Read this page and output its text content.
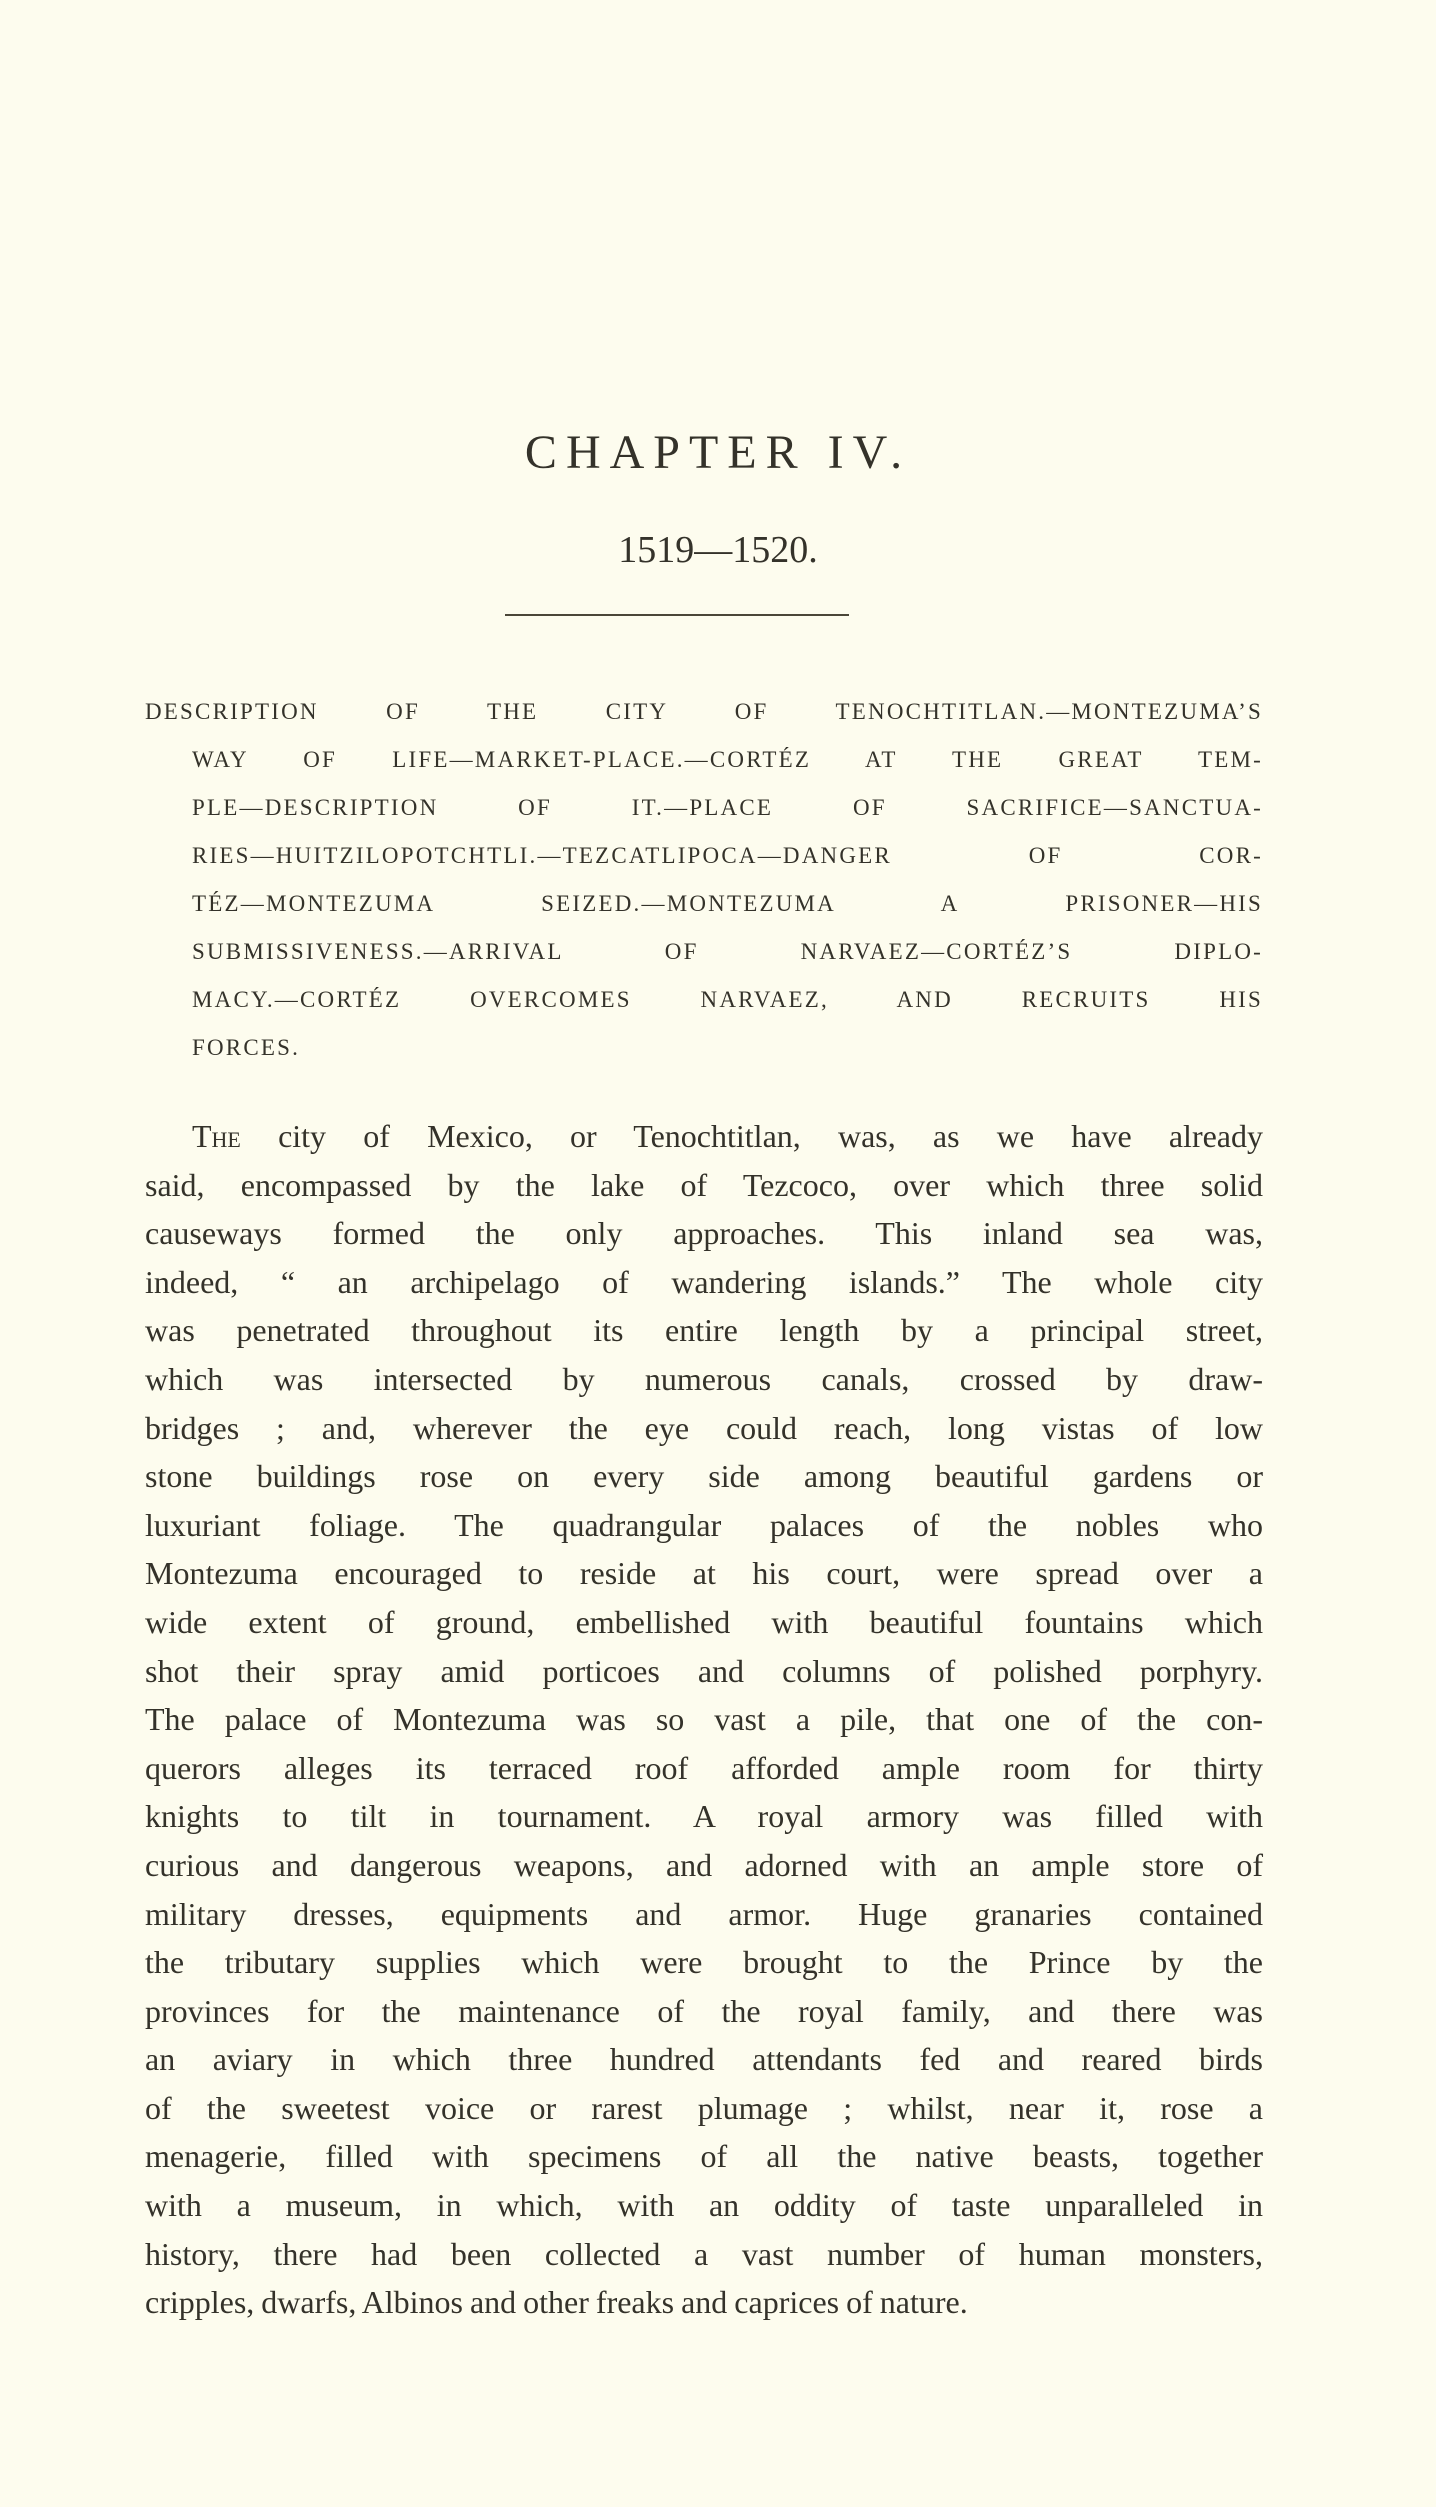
CHAPTER IV.
1519—1520.
DESCRIPTION OF THE CITY OF TENOCHTITLAN.—MONTEZUMA’S
WAY OF LIFE—MARKET-PLACE.—CORTÉZ AT THE GREAT TEM-
PLE—DESCRIPTION OF IT.—PLACE OF SACRIFICE—SANCTUA-
RIES—HUITZILOPOTCHTLI.—TEZCATLIPOCA—DANGER OF COR-
TÉZ—MONTEZUMA SEIZED.—MONTEZUMA A PRISONER—HIS
SUBMISSIVENESS.—ARRIVAL OF NARVAEZ—CORTÉZ’S DIPLO-
MACY.—CORTÉZ OVERCOMES NARVAEZ, AND RECRUITS HIS
FORCES.
The city of Mexico, or Tenochtitlan, was, as we have already
said, encompassed by the lake of Tezcoco, over which three solid
causeways formed the only approaches. This inland sea was,
indeed, “ an archipelago of wandering islands.” The whole city
was penetrated throughout its entire length by a principal street,
which was intersected by numerous canals, crossed by draw-
bridges ; and, wherever the eye could reach, long vistas of low
stone buildings rose on every side among beautiful gardens or
luxuriant foliage. The quadrangular palaces of the nobles who
Montezuma encouraged to reside at his court, were spread over a
wide extent of ground, embellished with beautiful fountains which
shot their spray amid porticoes and columns of polished porphyry.
The palace of Montezuma was so vast a pile, that one of the con-
querors alleges its terraced roof afforded ample room for thirty
knights to tilt in tournament. A royal armory was filled with
curious and dangerous weapons, and adorned with an ample store of
military dresses, equipments and armor. Huge granaries contained
the tributary supplies which were brought to the Prince by the
provinces for the maintenance of the royal family, and there was
an aviary in which three hundred attendants fed and reared birds
of the sweetest voice or rarest plumage ; whilst, near it, rose a
menagerie, filled with specimens of all the native beasts, together
with a museum, in which, with an oddity of taste unparalleled in
history, there had been collected a vast number of human monsters,
cripples, dwarfs, Albinos and other freaks and caprices of nature.
